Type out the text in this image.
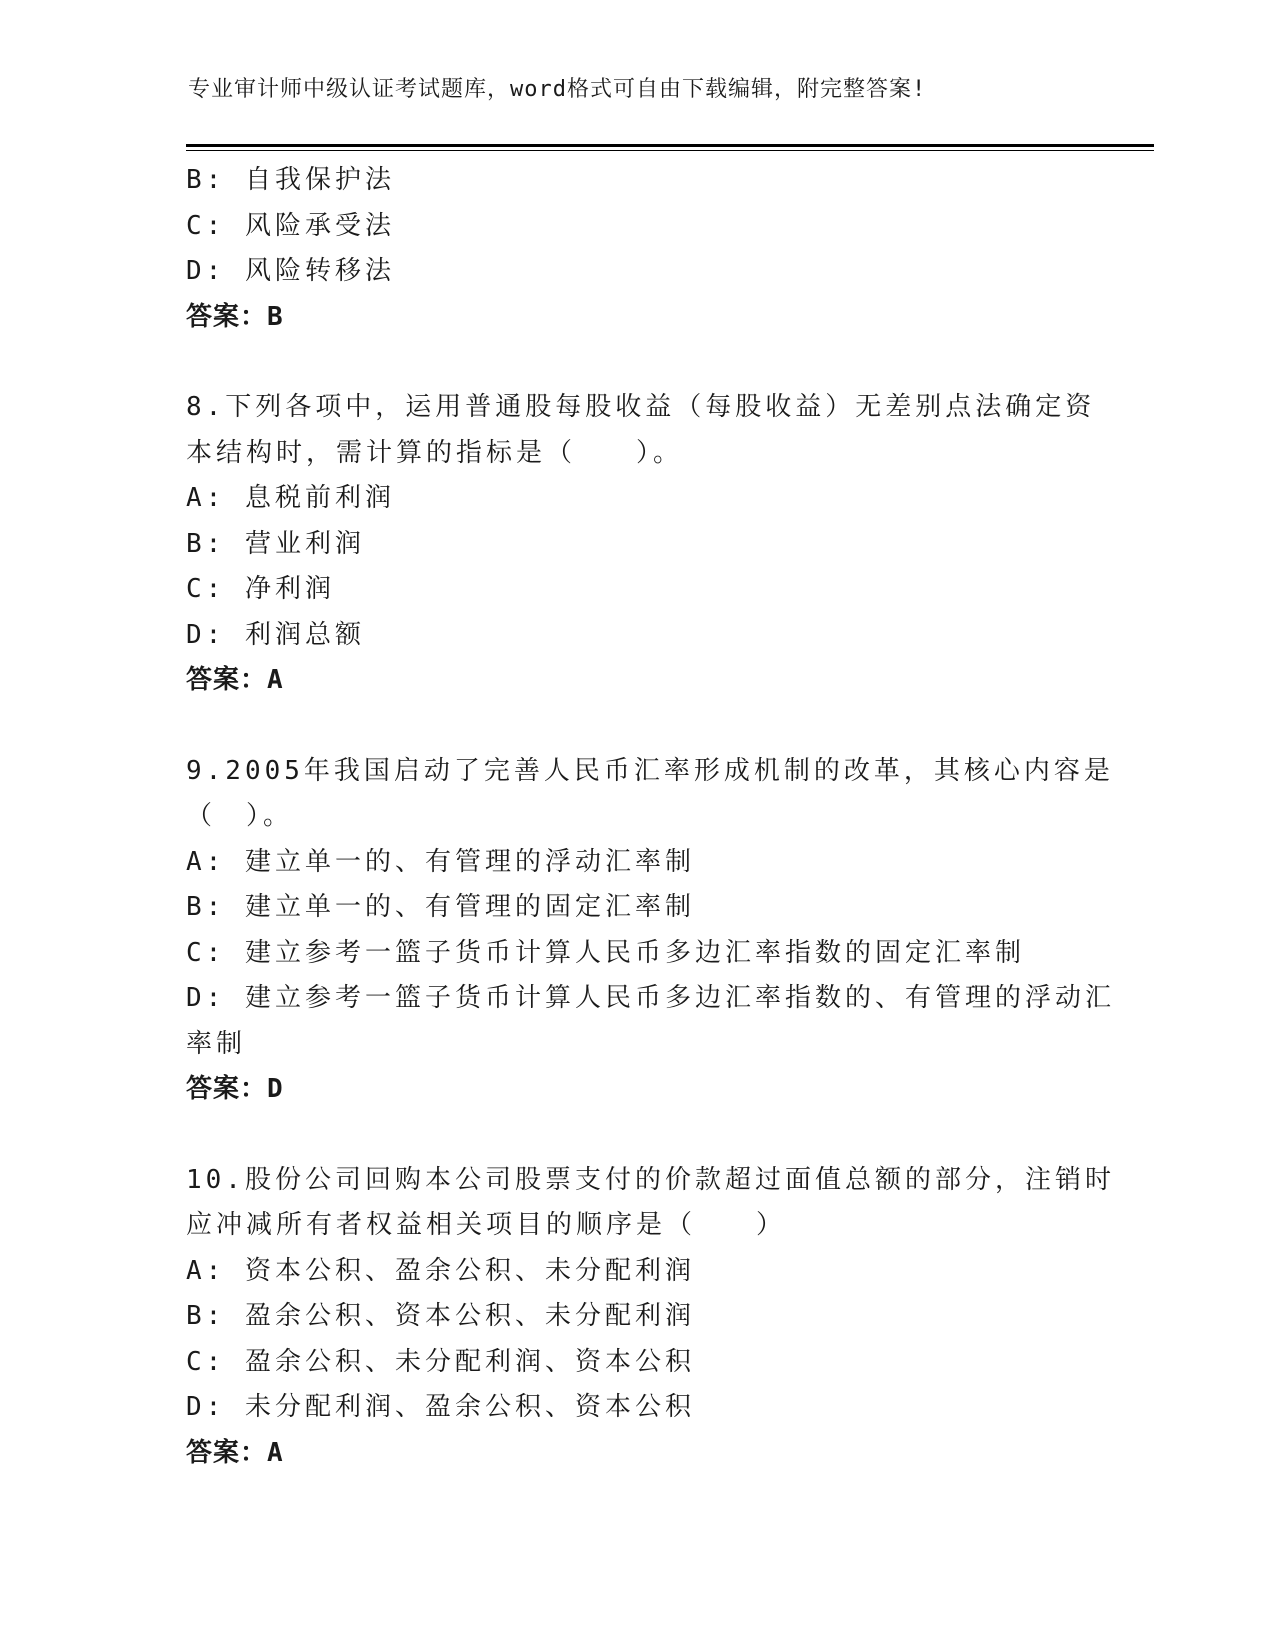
专业审计师中级认证考试题库，word格式可自由下载编辑，附完整答案!
B: 自我保护法
C: 风险承受法
D: 风险转移法
答案：B
8.下列各项中，运用普通股每股收益（每股收益）无差别点法确定资
本结构时，需计算的指标是（　　）。
A: 息税前利润
B: 营业利润
C: 净利润
D: 利润总额
答案：A
9.2005年我国启动了完善人民币汇率形成机制的改革，其核心内容是
（　）。
A: 建立单一的、有管理的浮动汇率制
B: 建立单一的、有管理的固定汇率制
C: 建立参考一篮子货币计算人民币多边汇率指数的固定汇率制
D: 建立参考一篮子货币计算人民币多边汇率指数的、有管理的浮动汇
率制
答案：D
10.股份公司回购本公司股票支付的价款超过面值总额的部分，注销时
应冲减所有者权益相关项目的顺序是（　　）
A: 资本公积、盈余公积、未分配利润
B: 盈余公积、资本公积、未分配利润
C: 盈余公积、未分配利润、资本公积
D: 未分配利润、盈余公积、资本公积
答案：A
